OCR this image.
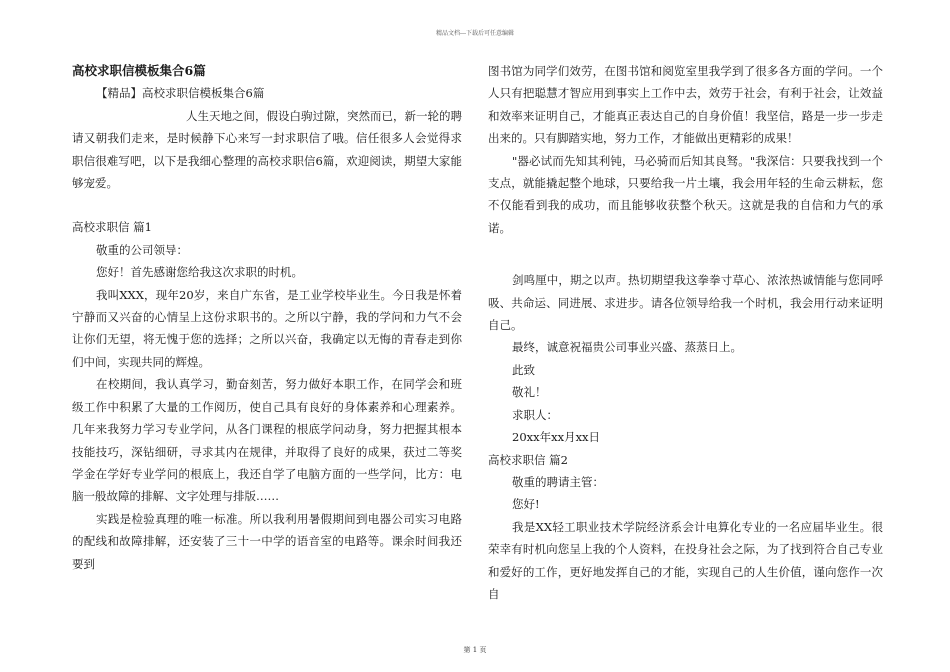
精品文档---下载后可任意编辑

高校求职信模板集合6篇

【精品】高校求职信模板集合6篇

人生天地之间，假设白驹过隙，突然而已，新一轮的聘请又朝我们走来，是时候静下心来写一封求职信了哦。信任很多人会觉得求职信很难写吧，以下是我细心整理的高校求职信6篇，欢迎阅读，期望大家能够宠爱。

高校求职信 篇1

敬重的公司领导：

您好！首先感谢您给我这次求职的时机。

我叫XXX，现年20岁，来自广东省，是工业学校毕业生。今日我是怀着宁静而又兴奋的心情呈上这份求职书的。之所以宁静，我的学问和力气不会让你们无望，将无愧于您的选择；之所以兴奋，我确定以无悔的青春走到你们中间，实现共同的辉煌。

在校期间，我认真学习，勤奋刻苦，努力做好本职工作，在同学会和班级工作中积累了大量的工作阅历，使自己具有良好的身体素养和心理素养。几年来我努力学习专业学问，从各门课程的根底学问动身，努力把握其根本技能技巧，深钻细研，寻求其内在规律，并取得了良好的成果，获过二等奖学金在学好专业学问的根底上，我还自学了电脑方面的一些学问，比方：电脑一般故障的排解、文字处理与排版……

实践是检验真理的唯一标准。所以我利用暑假期间到电器公司实习电路的配线和故障排解，还安装了三十一中学的语音室的电路等。课余时间我还要到

图书馆为同学们效劳，在图书馆和阅览室里我学到了很多各方面的学问。一个人只有把聪慧才智应用到事实上工作中去，效劳于社会，有利于社会，让效益和效率来证明自己，才能真正表达自己的自身价值！我坚信，路是一步一步走出来的。只有脚踏实地，努力工作，才能做出更精彩的成果！

"器必试而先知其利钝，马必骑而后知其良驽。"我深信：只要我找到一个支点，就能撬起整个地球，只要给我一片土壤，我会用年轻的生命云耕耘，您不仅能看到我的成功，而且能够收获整个秋天。这就是我的自信和力气的承诺。

剑鸣厘中，期之以声。热切期望我这拳拳寸草心、浓浓热诚情能与您同呼吸、共命运、同进展、求进步。请各位领导给我一个时机，我会用行动来证明自己。

最终，诚意祝福贵公司事业兴盛、蒸蒸日上。

此致

敬礼！

求职人：

20xx年xx月xx日

高校求职信 篇2

敬重的聘请主管：

您好!

我是XX轻工职业技术学院经济系会计电算化专业的一名应届毕业生。很荣幸有时机向您呈上我的个人资料，在投身社会之际，为了找到符合自己专业和爱好的工作，更好地发挥自己的才能，实现自己的人生价值，谨向您作一次自

第 1 页
